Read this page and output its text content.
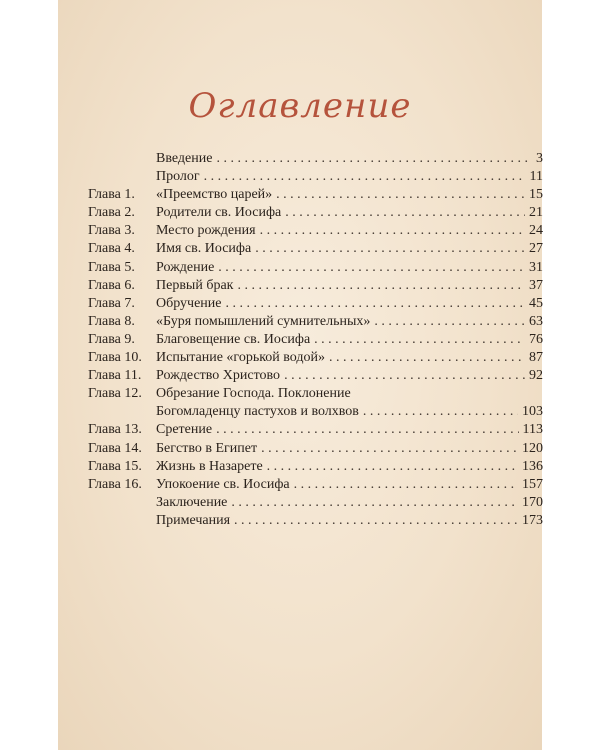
Оглавление
Введение . . .	3
Пролог . . .	11
Глава 1.	«Преемство царей» . . .	15
Глава 2.	Родители св. Иосифа . . .	21
Глава 3.	Место рождения . . .	24
Глава 4.	Имя св. Иосифа . . .	27
Глава 5.	Рождение . . .	31
Глава 6.	Первый брак . . .	37
Глава 7.	Обручение . . .	45
Глава 8.	«Буря помышлений сумнительных» . . .	63
Глава 9.	Благовещение св. Иосифа . . .	76
Глава 10.	Испытание «горькой водой» . . .	87
Глава 11.	Рождество Христово . . .	92
Глава 12.	Обрезание Господа. Поклонение
Богомладенцу пастухов и волхвов . . .	103
Глава 13.	Сретение . . .	113
Глава 14.	Бегство в Египет . . .	120
Глава 15.	Жизнь в Назарете . . .	136
Глава 16.	Упокоение св. Иосифа . . .	157
Заключение . . .	170
Примечания . . .	173
